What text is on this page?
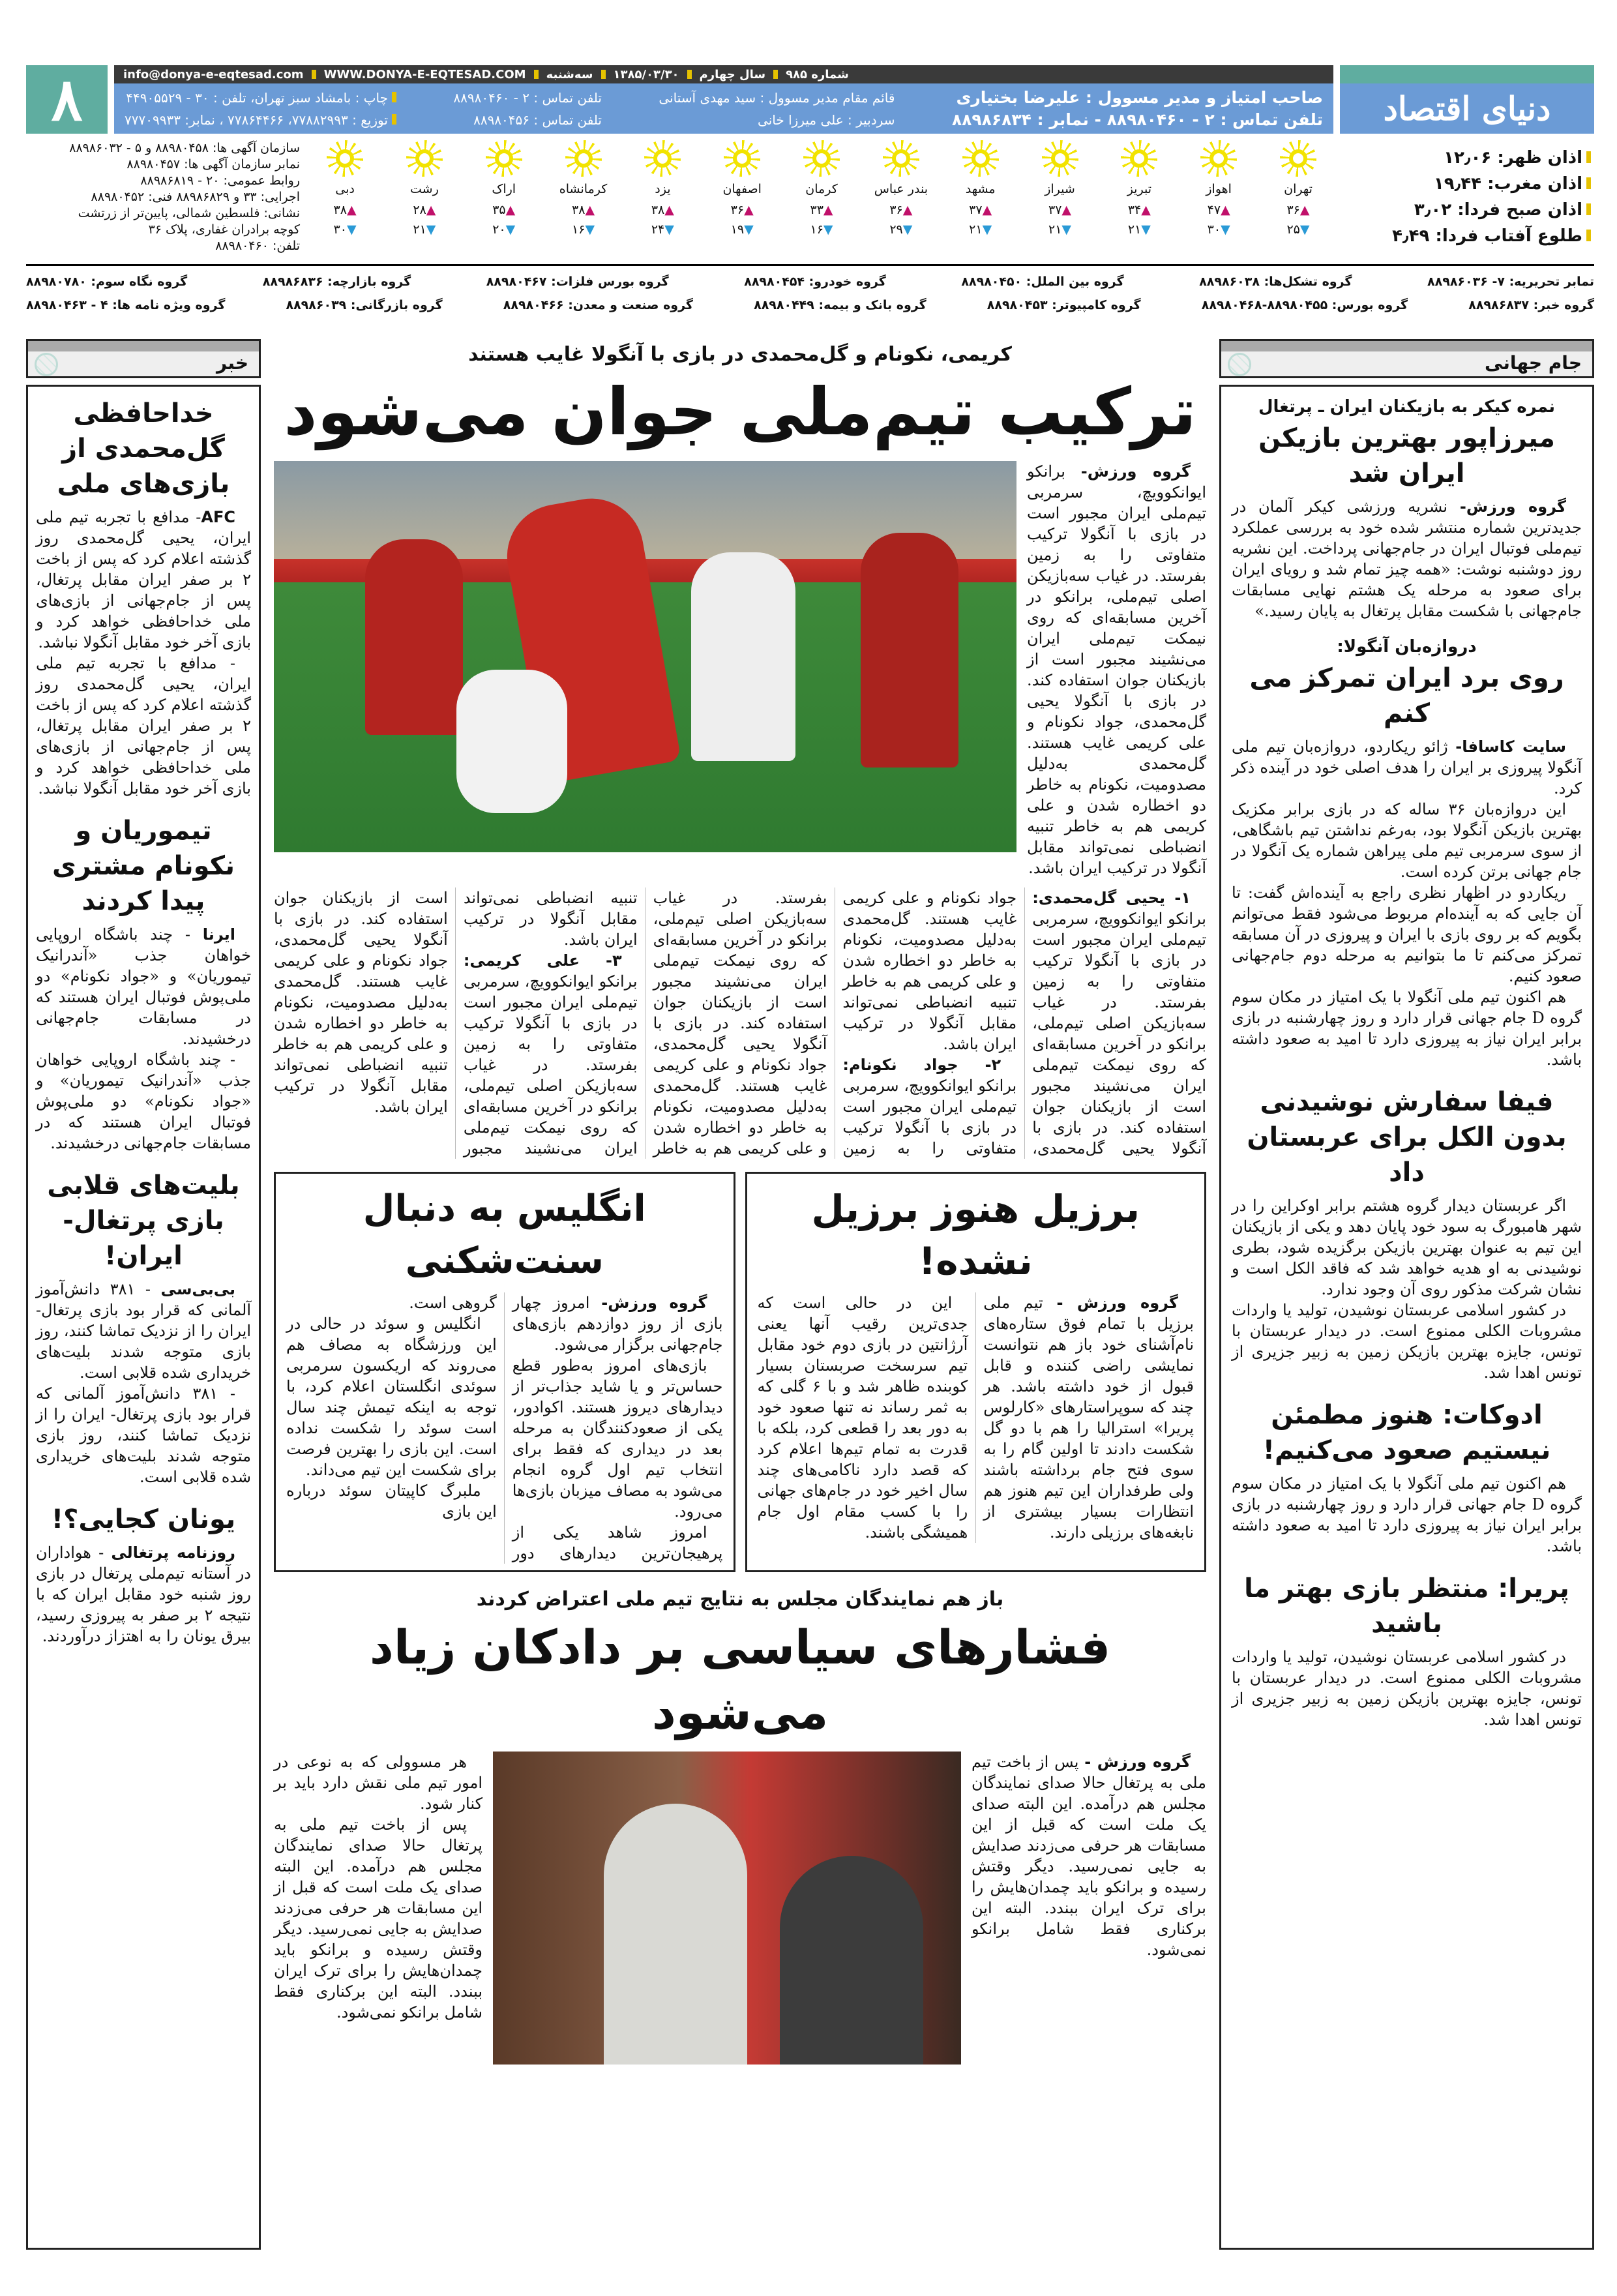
۸	info@donya-e-eqtesad.com WWW.DONYA-E-EQTESAD.COM سه‌شنبه ۱۳۸۵/۰۳/۳۰ سال چهارم شماره ۹۸۵
صاحب امتیاز و مدیر مسوول : علیرضا بختیاری
تلفن تماس : ۲ - ۸۸۹۸۰۴۶۰ - نمابر : ۸۸۹۸۶۸۳۴
قائم مقام مدیر مسوول : سید مهدی آستانی
سردبیر : علی میرزا خانی
تلفن تماس : ۲ - ۸۸۹۸۰۴۶۰
تلفن تماس : ۸۸۹۸۰۴۵۶
چاپ : بامشاد سبز تهران، تلفن : ۳۰ - ۴۴۹۰۵۵۲۹
توزیع : ۷۷۸۸۲۹۹۳، ۷۷۸۶۴۴۶۶ ، نمابر: ۷۷۷۰۹۹۳۳	دنیای اقتصاد
اذان ظهر: ۱۲٫۰۶
اذان مغرب: ۱۹٫۴۴
اذان صبح فردا: ۳٫۰۲
طلوع آفتاب فردا: ۴٫۴۹
تهران
▲۳۶
▼۲۵
اهواز
▲۴۷
▼۳۰
تبریز
▲۳۴
▼۲۱
شیراز
▲۳۷
▼۲۱
مشهد
▲۳۷
▼۲۱
بندر عباس
▲۳۶
▼۲۹
کرمان
▲۳۳
▼۱۶
اصفهان
▲۳۶
▼۱۹
یزد
▲۳۸
▼۲۴
کرمانشاه
▲۳۸
▼۱۶
اراک
▲۳۵
▼۲۰
رشت
▲۲۸
▼۲۱
دبی
▲۳۸
▼۳۰
سازمان آگهی ها: ۸۸۹۸۰۴۵۸ و ۵ - ۸۸۹۸۶۰۳۲
نمابر سازمان آگهی ها: ۸۸۹۸۰۴۵۷
روابط عمومی: ۲۰ - ۸۸۹۸۶۸۱۹
اجرایی: ۳۳ و ۸۸۹۸۶۸۲۹ فنی: ۸۸۹۸۰۴۵۲
نشانی: فلسطین شمالی، پایین‌تر از زرتشت
کوچه برادران غفاری، پلاک ۳۶
تلفن: ۸۸۹۸۰۴۶۰
تمابر تحریریه: ۷- ۸۸۹۸۶۰۳۶
گروه تشکل‌ها: ۸۸۹۸۶۰۳۸
گروه بین الملل: ۸۸۹۸۰۴۵۰
گروه خودرو: ۸۸۹۸۰۴۵۴
گروه بورس فلزات: ۸۸۹۸۰۴۶۷
گروه بازارچه: ۸۸۹۸۶۸۳۶
گروه نگاه سوم: ۸۸۹۸۰۷۸۰
گروه خبر: ۸۸۹۸۶۸۳۷
گروه بورس: ۸۸۹۸۰۴۵۵-۸۸۹۸۰۴۶۸
گروه کامپیوتر: ۸۸۹۸۰۴۵۳
گروه بانک و بیمه: ۸۸۹۸۰۴۴۹
گروه صنعت و معدن: ۸۸۹۸۰۴۶۶
گروه بازرگانی: ۸۸۹۸۶۰۳۹
گروه ویژه نامه ها: ۴ - ۸۸۹۸۰۴۶۳
جام جهانی
نمره کیکر به بازیکنان ایران ـ پرتغال
میرزاپور بهترین بازیکن ایران شد

گروه ورزش- نشریه ورزشی کیکر آلمان در جدیدترین شماره منتشر شده خود به بررسی عملکرد تیم‌ملی فوتبال ایران در جام‌جهانی پرداخت. این نشریه روز دوشنبه نوشت: «همه چیز تمام شد و رویای ایران برای صعود به مرحله یک هشتم نهایی مسابقات جام‌جهانی با شکست مقابل پرتغال به پایان رسید.»

دروازه‌بان آنگولا:
روی برد ایران تمرکز می کنم

سایت کاسافا- ژائو ریکاردو، دروازه‌بان تیم ملی آنگولا پیروزی بر ایران را هدف اصلی خود در آینده ذکر کرد.

این دروازه‌بان ۳۶ ساله که در بازی برابر مکزیک بهترین بازیکن آنگولا بود، به‌رغم نداشتن تیم باشگاهی، از سوی سرمربی تیم ملی پیراهن شماره یک آنگولا در جام جهانی برتن کرده است.

ریکاردو در اظهار نظری راجع به آینده‌اش گفت: تا آن جایی که به آینده‌ام مربوط می‌شود فقط می‌توانم بگویم که بر روی بازی با ایران و پیروزی در آن مسابقه تمرکز می‌کنم تا ما بتوانیم به مرحله دوم جام‌جهانی صعود کنیم.

هم اکنون تیم ملی آنگولا با یک امتیاز در مکان سوم گروه D جام جهانی قرار دارد و روز چهارشنبه در بازی برابر ایران نیاز به پیروزی دارد تا امید به صعود داشته باشد.

فیفا سفارش نوشیدنی بدون الکل برای عربستان داد

اگر عربستان دیدار گروه هشتم برابر اوکراین را در شهر هامبورگ به سود خود پایان دهد و یکی از بازیکنان این تیم به عنوان بهترین بازیکن برگزیده شود، بطری نوشیدنی به او هدیه خواهد شد که فاقد الکل است و نشان شرکت مذکور روی آن وجود ندارد.

در کشور اسلامی عربستان نوشیدن، تولید یا واردات مشروبات الکلی ممنوع است. در دیدار عربستان با تونس، جایزه بهترین بازیکن زمین به زبیر جزیری از تونس اهدا شد.

ادوکات: هنوز مطمئن نیستیم صعود می‌کنیم!

هم اکنون تیم ملی آنگولا با یک امتیاز در مکان سوم گروه D جام جهانی قرار دارد و روز چهارشنبه در بازی برابر ایران نیاز به پیروزی دارد تا امید به صعود داشته باشد.

پریرا: منتظر بازی بهتر ما باشید

در کشور اسلامی عربستان نوشیدن، تولید یا واردات مشروبات الکلی ممنوع است. در دیدار عربستان با تونس، جایزه بهترین بازیکن زمین به زبیر جزیری از تونس اهدا شد.

خبر
خداحافظی گل‌محمدی از بازی‌های ملی

AFC- مدافع با تجربه تیم ملی ایران، یحیی گل‌محمدی روز گذشته اعلام کرد که پس از باخت ۲ بر صفر ایران مقابل پرتغال، پس از جام‌جهانی از بازی‌های ملی خداحافظی خواهد کرد و بازی آخر خود مقابل آنگولا نباشد.

- مدافع با تجربه تیم ملی ایران، یحیی گل‌محمدی روز گذشته اعلام کرد که پس از باخت ۲ بر صفر ایران مقابل پرتغال، پس از جام‌جهانی از بازی‌های ملی خداحافظی خواهد کرد و بازی آخر خود مقابل آنگولا نباشد.

تیموریان و نکونام مشتری پیدا کردند

ایرنا - چند باشگاه اروپایی خواهان جذب «آندرانیک تیموریان» و «جواد نکونام» دو ملی‌پوش فوتبال ایران هستند که در مسابقات جام‌جهانی درخشیدند.

- چند باشگاه اروپایی خواهان جذب «آندرانیک تیموریان» و «جواد نکونام» دو ملی‌پوش فوتبال ایران هستند که در مسابقات جام‌جهانی درخشیدند.

بلیت‌های قلابی بازی پرتغال- ایران!

بی‌بی‌سی - ۳۸۱ دانش‌آموز آلمانی که قرار بود بازی پرتغال- ایران را از نزدیک تماشا کنند، روز بازی متوجه شدند بلیت‌های خریداری شده قلابی است.

- ۳۸۱ دانش‌آموز آلمانی که قرار بود بازی پرتغال- ایران را از نزدیک تماشا کنند، روز بازی متوجه شدند بلیت‌های خریداری شده قلابی است.

یونان کجایی؟!

روزنامه پرتغالی - هواداران در آستانه تیم‌ملی پرتغال در بازی روز شنبه خود مقابل ایران که با نتیجه ۲ بر صفر به پیروزی رسید، بیرق یونان را به اهتزاز درآوردند.

کریمی، نکونام و گل‌محمدی در بازی با آنگولا غایب هستند
ترکیب تیم‌ملی جوان می‌شود

گروه ورزش- برانکو ایوانکوویچ، سرمربی تیم‌ملی ایران مجبور است در بازی با آنگولا ترکیب متفاوتی را به زمین بفرستد. در غیاب سه‌بازیکن اصلی تیم‌ملی، برانکو در آخرین مسابقه‌ای که روی نیمکت تیم‌ملی ایران می‌نشیند مجبور است از بازیکنان جوان استفاده کند. در بازی با آنگولا یحیی گل‌محمدی، جواد نکونام و علی کریمی غایب هستند. گل‌محمدی به‌دلیل مصدومیت، نکونام به خاطر دو اخطاره شدن و علی کریمی هم به خاطر تنبیه انضباطی نمی‌تواند مقابل آنگولا در ترکیب ایران باشد.

۱- یحیی گل‌محمدی: برانکو ایوانکوویچ، سرمربی تیم‌ملی ایران مجبور است در بازی با آنگولا ترکیب متفاوتی را به زمین بفرستد. در غیاب سه‌بازیکن اصلی تیم‌ملی، برانکو در آخرین مسابقه‌ای که روی نیمکت تیم‌ملی ایران می‌نشیند مجبور است از بازیکنان جوان استفاده کند. در بازی با آنگولا یحیی گل‌محمدی، جواد نکونام و علی کریمی غایب هستند. گل‌محمدی به‌دلیل مصدومیت، نکونام به خاطر دو اخطاره شدن و علی کریمی هم به خاطر تنبیه انضباطی نمی‌تواند مقابل آنگولا در ترکیب ایران باشد.

۲- جواد نکونام: برانکو ایوانکوویچ، سرمربی تیم‌ملی ایران مجبور است در بازی با آنگولا ترکیب متفاوتی را به زمین بفرستد. در غیاب سه‌بازیکن اصلی تیم‌ملی، برانکو در آخرین مسابقه‌ای که روی نیمکت تیم‌ملی ایران می‌نشیند مجبور است از بازیکنان جوان استفاده کند. در بازی با آنگولا یحیی گل‌محمدی، جواد نکونام و علی کریمی غایب هستند. گل‌محمدی به‌دلیل مصدومیت، نکونام به خاطر دو اخطاره شدن و علی کریمی هم به خاطر تنبیه انضباطی نمی‌تواند مقابل آنگولا در ترکیب ایران باشد.

۳- علی کریمی: برانکو ایوانکوویچ، سرمربی تیم‌ملی ایران مجبور است در بازی با آنگولا ترکیب متفاوتی را به زمین بفرستد. در غیاب سه‌بازیکن اصلی تیم‌ملی، برانکو در آخرین مسابقه‌ای که روی نیمکت تیم‌ملی ایران می‌نشیند مجبور است از بازیکنان جوان استفاده کند. در بازی با آنگولا یحیی گل‌محمدی، جواد نکونام و علی کریمی غایب هستند. گل‌محمدی به‌دلیل مصدومیت، نکونام به خاطر دو اخطاره شدن و علی کریمی هم به خاطر تنبیه انضباطی نمی‌تواند مقابل آنگولا در ترکیب ایران باشد.

برزیل هنوز برزیل نشده!

گروه ورزش - تیم ملی برزیل با تمام فوق ستاره‌های نام‌آشنای خود باز هم نتوانست نمایشی راضی کننده و قابل قبول از خود داشته باشد. هر چند که سوپراستارهای «کارلوس پریرا» استرالیا را هم با دو گل شکست دادند تا اولین گام را به سوی فتح جام برداشته باشند ولی طرفداران این تیم هنوز هم انتظارات بسیار بیشتری از نابغه‌های برزیلی دارند.

این در حالی است که جدی‌ترین رقیب آنها یعنی آرژانتین در بازی دوم خود مقابل تیم سرسخت صربستان بسیار کوبنده ظاهر شد و با ۶ گلی که به ثمر رساند نه تنها صعود خود به دور بعد را قطعی کرد، بلکه با قدرت به تمام تیم‌ها اعلام کرد که قصد دارد ناکامی‌های چند سال اخیر خود در جام‌های جهانی را با کسب مقام اول جام همیشگی باشند.

انگلیس به دنبال سنت‌شکنی

گروه ورزش- امروز چهار بازی از روز دوازدهم بازی‌های جام‌جهانی برگزار می‌شود.

بازی‌های امروز به‌طور قطع حساس‌تر و یا شاید جذاب‌تر از دیدارهای دیروز هستند. اکوادور، یکی از صعودکنندگان به مرحله بعد در دیداری که فقط برای انتخاب تیم اول گروه انجام می‌شود به مصاف میزبان بازی‌ها می‌رود.

امروز شاهد یکی از پرهیجان‌ترین دیدارهای دور گروهی است.

انگلیس و سوئد در حالی در این ورزشگاه به مصاف هم می‌روند که اریکسون سرمربی سوئدی انگلستان اعلام کرد، با توجه به اینکه تیمش چند سال است سوئد را شکست نداده است. این بازی را بهترین فرصت برای شکست این تیم می‌داند.

ملبرگ کاپیتان سوئد درباره این بازی

باز هم نمایندگان مجلس به نتایج تیم ملی اعتراض کردند
فشارهای سیاسی بر دادکان زیاد می‌شود

گروه ورزش - پس از باخت تیم ملی به پرتغال حالا صدای نمایندگان مجلس هم درآمده. این البته صدای یک ملت است که قبل از این مسابقات هر حرفی می‌زدند صدایش به جایی نمی‌رسید. دیگر وقتش رسیده و برانکو باید چمدان‌هایش را برای ترک ایران ببندد. البته این برکناری فقط شامل برانکو نمی‌شود.

هر مسوولی که به نوعی در امور تیم ملی نقش دارد باید بر کنار شود.

پس از باخت تیم ملی به پرتغال حالا صدای نمایندگان مجلس هم درآمده. این البته صدای یک ملت است که قبل از این مسابقات هر حرفی می‌زدند صدایش به جایی نمی‌رسید. دیگر وقتش رسیده و برانکو باید چمدان‌هایش را برای ترک ایران ببندد. البته این برکناری فقط شامل برانکو نمی‌شود.
